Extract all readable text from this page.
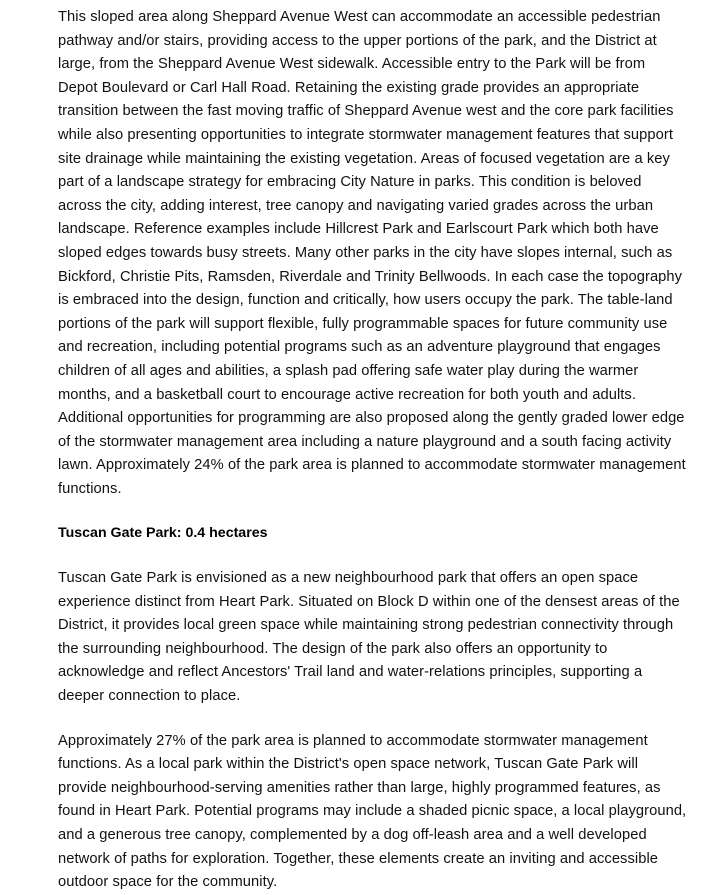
This sloped area along Sheppard Avenue West can accommodate an accessible pedestrian pathway and/or stairs, providing access to the upper portions of the park, and the District at large, from the Sheppard Avenue West sidewalk. Accessible entry to the Park will be from Depot Boulevard or Carl Hall Road. Retaining the existing grade provides an appropriate transition between the fast moving traffic of Sheppard Avenue west and the core park facilities while also presenting opportunities to integrate stormwater management features that support site drainage while maintaining the existing vegetation. Areas of focused vegetation are a key part of a landscape strategy for embracing City Nature in parks. This condition is beloved across the city, adding interest, tree canopy and navigating varied grades across the urban landscape. Reference examples include Hillcrest Park and Earlscourt Park which both have sloped edges towards busy streets. Many other parks in the city have slopes internal, such as Bickford, Christie Pits, Ramsden, Riverdale and Trinity Bellwoods. In each case the topography is embraced into the design, function and critically, how users occupy the park. The table-land portions of the park will support flexible, fully programmable spaces for future community use and recreation, including potential programs such as an adventure playground that engages children of all ages and abilities, a splash pad offering safe water play during the warmer months, and a basketball court to encourage active recreation for both youth and adults. Additional opportunities for programming are also proposed along the gently graded lower edge of the stormwater management area including a nature playground and a south facing activity lawn. Approximately 24% of the park area is planned to accommodate stormwater management functions.

Tuscan Gate Park: 0.4 hectares

Tuscan Gate Park is envisioned as a new neighbourhood park that offers an open space experience distinct from Heart Park. Situated on Block D within one of the densest areas of the District, it provides local green space while maintaining strong pedestrian connectivity through the surrounding neighbourhood. The design of the park also offers an opportunity to acknowledge and reflect Ancestors' Trail land and water-relations principles, supporting a deeper connection to place.

Approximately 27% of the park area is planned to accommodate stormwater management functions. As a local park within the District's open space network, Tuscan Gate Park will provide neighbourhood-serving amenities rather than large, highly programmed features, as found in Heart Park. Potential programs may include a shaded picnic space, a local playground, and a generous tree canopy, complemented by a dog off-leash area and a well developed network of paths for exploration. Together, these elements create an inviting and accessible outdoor space for the community.
